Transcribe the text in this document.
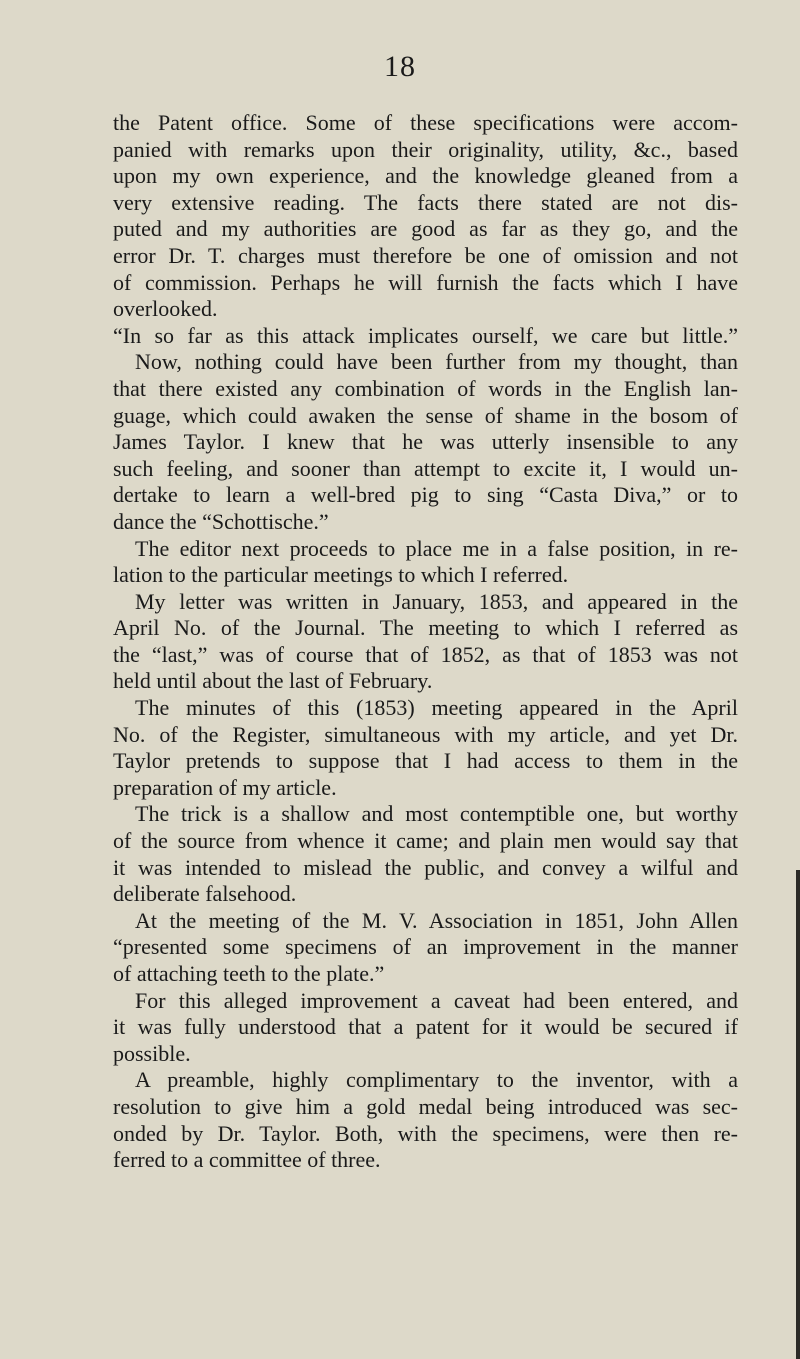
18
the Patent office. Some of these specifications were accom-
panied with remarks upon their originality, utility, &c., based
upon my own experience, and the knowledge gleaned from a
very extensive reading. The facts there stated are not dis-
puted and my authorities are good as far as they go, and the
error Dr. T. charges must therefore be one of omission and not
of commission. Perhaps he will furnish the facts which I have
overlooked.
“In so far as this attack implicates ourself, we care but little.”
Now, nothing could have been further from my thought, than
that there existed any combination of words in the English lan-
guage, which could awaken the sense of shame in the bosom of
James Taylor. I knew that he was utterly insensible to any
such feeling, and sooner than attempt to excite it, I would un-
dertake to learn a well-bred pig to sing “Casta Diva,” or to
dance the “Schottische.”
The editor next proceeds to place me in a false position, in re-
lation to the particular meetings to which I referred.
My letter was written in January, 1853, and appeared in the
April No. of the Journal. The meeting to which I referred as
the “last,” was of course that of 1852, as that of 1853 was not
held until about the last of February.
The minutes of this (1853) meeting appeared in the April
No. of the Register, simultaneous with my article, and yet Dr.
Taylor pretends to suppose that I had access to them in the
preparation of my article.
The trick is a shallow and most contemptible one, but worthy
of the source from whence it came; and plain men would say that
it was intended to mislead the public, and convey a wilful and
deliberate falsehood.
At the meeting of the M. V. Association in 1851, John Allen
“presented some specimens of an improvement in the manner
of attaching teeth to the plate.”
For this alleged improvement a caveat had been entered, and
it was fully understood that a patent for it would be secured if
possible.
A preamble, highly complimentary to the inventor, with a
resolution to give him a gold medal being introduced was sec-
onded by Dr. Taylor. Both, with the specimens, were then re-
ferred to a committee of three.
